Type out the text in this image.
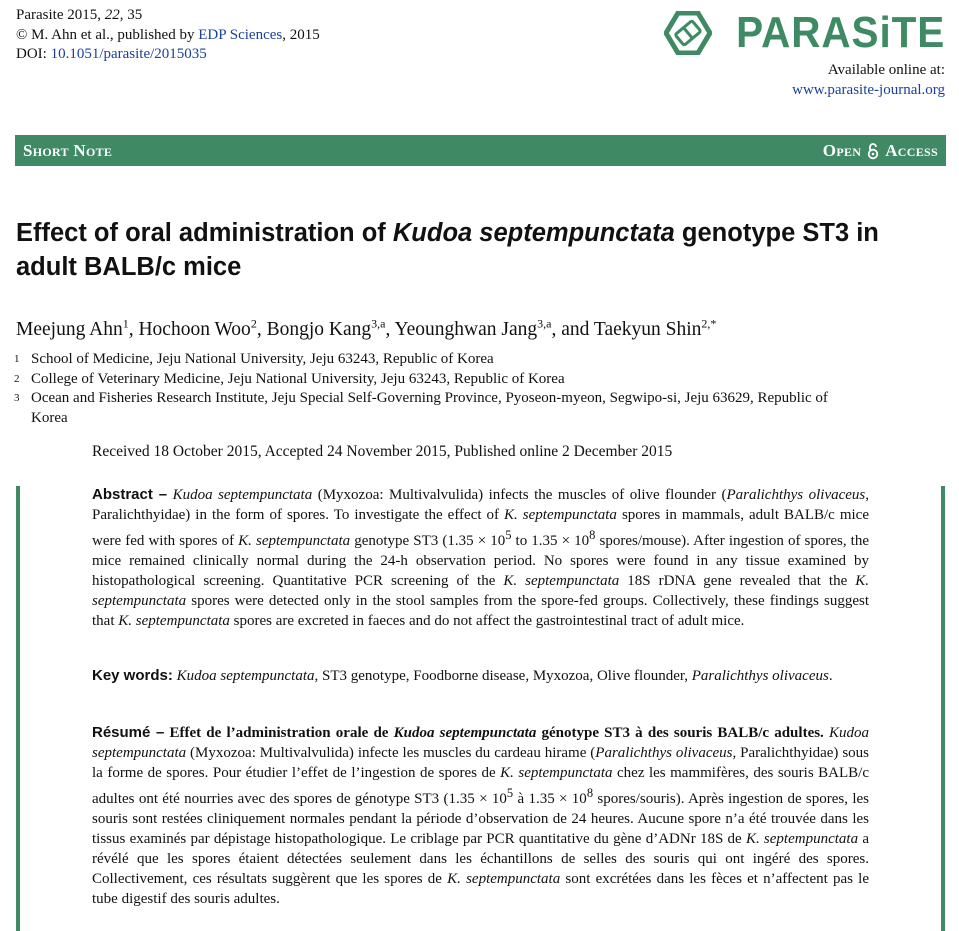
Parasite 2015, 22, 35
© M. Ahn et al., published by EDP Sciences, 2015
DOI: 10.1051/parasite/2015035	PARASiTE
Available online at:
www.parasite-journal.org
Short Note	Open Access
Effect of oral administration of Kudoa septempunctata genotype ST3 in adult BALB/c mice
Meejung Ahn$^1$, Hochoon Woo$^2$, Bongjo Kang$^{3,a}$, Yeounghwan Jang$^{3,a}$, and Taekyun Shin$^{2,*}$
1 School of Medicine, Jeju National University, Jeju 63243, Republic of Korea
2 College of Veterinary Medicine, Jeju National University, Jeju 63243, Republic of Korea
3 Ocean and Fisheries Research Institute, Jeju Special Self-Governing Province, Pyoseon-myeon, Segwipo-si, Jeju 63629, Republic of Korea
Received 18 October 2015, Accepted 24 November 2015, Published online 2 December 2015
Abstract – Kudoa septempunctata (Myxozoa: Multivalvulida) infects the muscles of olive flounder (Paralichthys olivaceus, Paralichthyidae) in the form of spores. To investigate the effect of K. septempunctata spores in mammals, adult BALB/c mice were fed with spores of K. septempunctata genotype ST3 ($1.35 \times 10^5$ to $1.35 \times 10^8$ spores/mouse). After ingestion of spores, the mice remained clinically normal during the 24-h observation period. No spores were found in any tissue examined by histopathological screening. Quantitative PCR screening of the K. septempunctata 18S rDNA gene revealed that the K. septempunctata spores were detected only in the stool samples from the spore-fed groups. Collectively, these findings suggest that K. septempunctata spores are excreted in faeces and do not affect the gastrointestinal tract of adult mice.
Key words: Kudoa septempunctata, ST3 genotype, Foodborne disease, Myxozoa, Olive flounder, Paralichthys olivaceus.
Résumé – Effet de l’administration orale de Kudoa septempunctata génotype ST3 à des souris BALB/c adultes. Kudoa septempunctata (Myxozoa: Multivalvulida) infecte les muscles du cardeau hirame (Paralichthys olivaceus, Paralichthyidae) sous la forme de spores. Pour étudier l’effet de l’ingestion de spores de K. septempunctata chez les mammifères, des souris BALB/c adultes ont été nourries avec des spores de génotype ST3 ($1.35 \times 10^5$ à $1.35 \times 10^8$ spores/souris). Après ingestion de spores, les souris sont restées cliniquement normales pendant la période d’observation de 24 heures. Aucune spore n’a été trouvée dans les tissus examinés par dépistage histopathologique. Le criblage par PCR quantitative du gène d’ADNr 18S de K. septempunctata a révélé que les spores étaient détectées seulement dans les échantillons de selles des souris qui ont ingéré des spores. Collectivement, ces résultats suggèrent que les spores de K. septempunctata sont excrétées dans les fèces et n’affectent pas le tube digestif des souris adultes.
